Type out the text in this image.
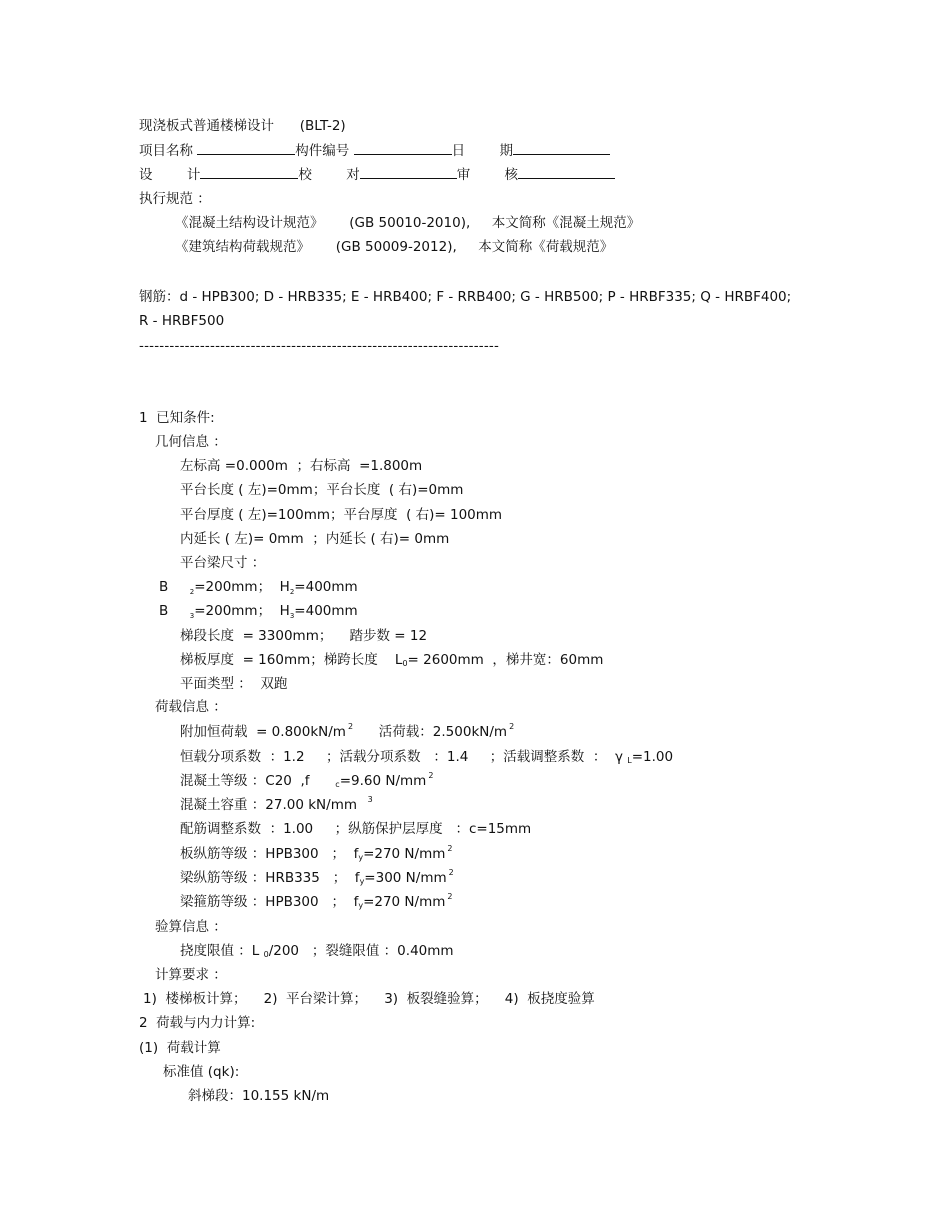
现浇板式普通楼梯设计 (BLT-2)
项目名称	构件编号	日	期
设	计	校	对	审	核
执行规范 ：
《混凝土结构设计规范》 (GB 50010-2010), 本文简称《混凝土规范》
《建筑结构荷载规范》 (GB 50009-2012), 本文简称《荷载规范》
钢筋：d - HPB300; D - HRB335; E - HRB400; F - RRB400; G - HRB500; P - HRBF335; Q - HRBF400;
R - HRBF500
-----------------------------------------------------------------------
1  已知条件:
几何信息 ：
左标高 =0.000m  ；右标高  =1.800m
平台长度 ( 左)=0mm；平台长度  ( 右)=0mm
平台厚度 ( 左)=100mm；平台厚度  ( 右)= 100mm
内延长 ( 左)= 0mm  ；内延长 ( 右)= 0mm
平台梁尺寸 ：
B	$_2$=200mm；  $H_2=400mm$
B	$_3$=200mm；  $H_3=400mm$
梯段长度  = 3300mm；    踏步数 = 12
梯板厚度  = 160mm；梯跨长度    L0= 2600mm  ，梯井宽：60mm
平面类型 ：  双跑
荷载信息 ：
附加恒荷载  = 0.800kN/m $^2$      活荷载：2.500kN/m $^2$
恒载分项系数  ：1.2     ；活载分项系数   ：1.4     ；活载调整系数  ：  γ L=1.00
混凝土等级 ：C20  ,f	c=9.60 N/mm $^2$
混凝土容重 ：27.00 kN/mm $^3$
配筋调整系数  ：1.00     ；纵筋保护层厚度   ：c=15mm
板纵筋等级 ：HPB300   ；  fy=270 N/mm $^2$
梁纵筋等级 ：HRB335   ；  fy=300 N/mm $^2$
梁箍筋等级 ：HPB300   ；  fy=270 N/mm $^2$
验算信息 ：
挠度限值 ：L 0/200   ；裂缝限值 ：0.40mm
计算要求 ：
1)  楼梯板计算；    2)  平台梁计算；    3)  板裂缝验算；    4)  板挠度验算
2  荷载与内力计算:
(1)  荷载计算
标准值 (qk):
斜梯段：10.155 kN/m
